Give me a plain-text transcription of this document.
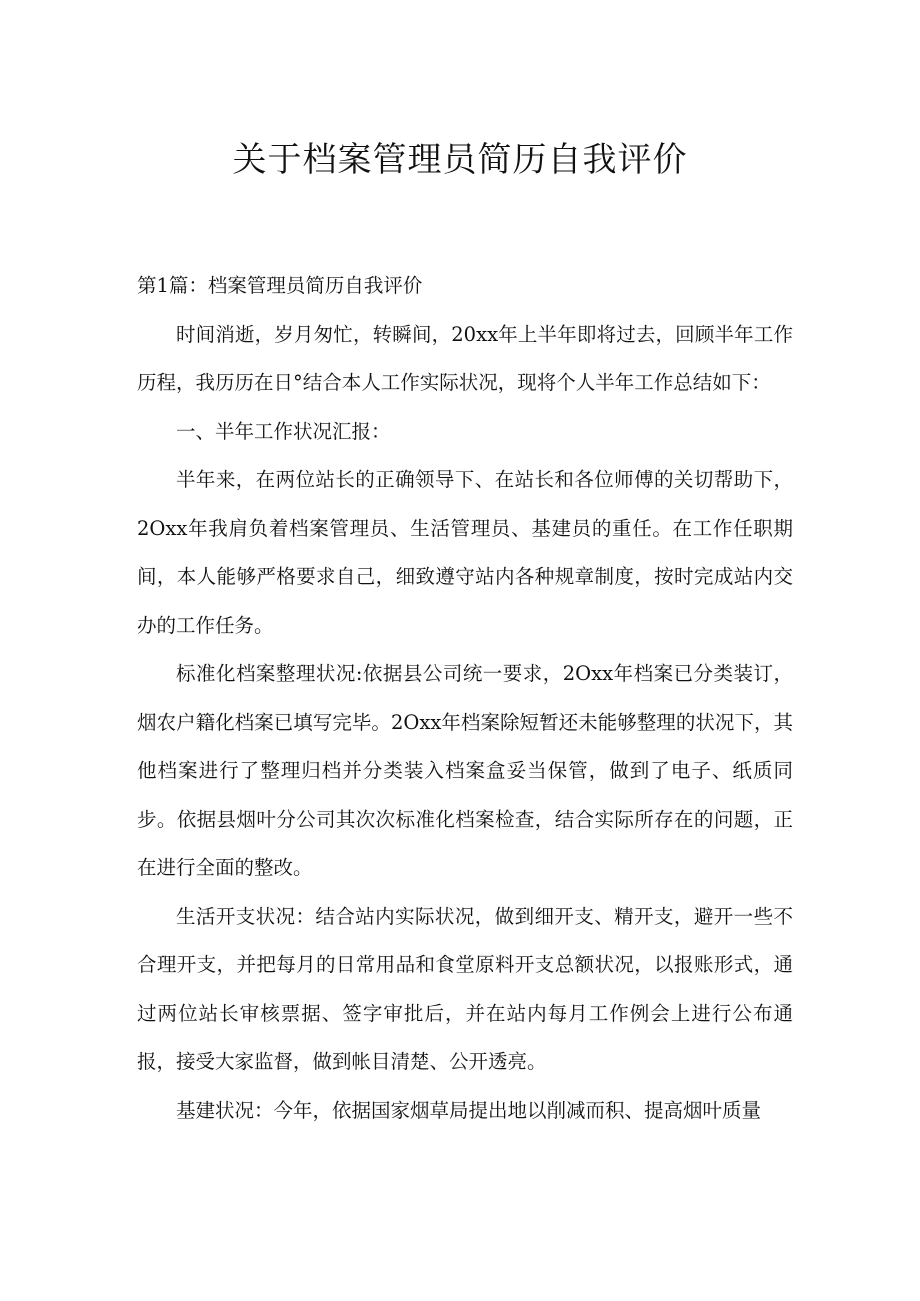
关于档案管理员简历自我评价

第1篇：档案管理员简历自我评价

时间消逝，岁月匆忙，转瞬间，20xx年上半年即将过去，回顾半年工作历程，我历历在日°结合本人工作实际状况，现将个人半年工作总结如下：

一、半年工作状况汇报：

半年来，在两位站长的正确领导下、在站长和各位师傅的关切帮助下，2Oxx年我肩负着档案管理员、生活管理员、基建员的重任。在工作任职期间，本人能够严格要求自己，细致遵守站内各种规章制度，按时完成站内交办的工作任务。

标准化档案整理状况:依据县公司统一要求，2Oxx年档案已分类装订，烟农户籍化档案已填写完毕。2Oxx年档案除短暂还未能够整理的状况下，其他档案进行了整理归档并分类装入档案盒妥当保管，做到了电子、纸质同步。依据县烟叶分公司其次次标准化档案检查，结合实际所存在的问题，正在进行全面的整改。

生活开支状况：结合站内实际状况，做到细开支、精开支，避开一些不合理开支，并把每月的日常用品和食堂原料开支总额状况，以报账形式，通过两位站长审核票据、签字审批后，并在站内每月工作例会上进行公布通报，接受大家监督，做到帐目清楚、公开透亮。

基建状况：今年，依据国家烟草局提出地以削减而积、提高烟叶质量
